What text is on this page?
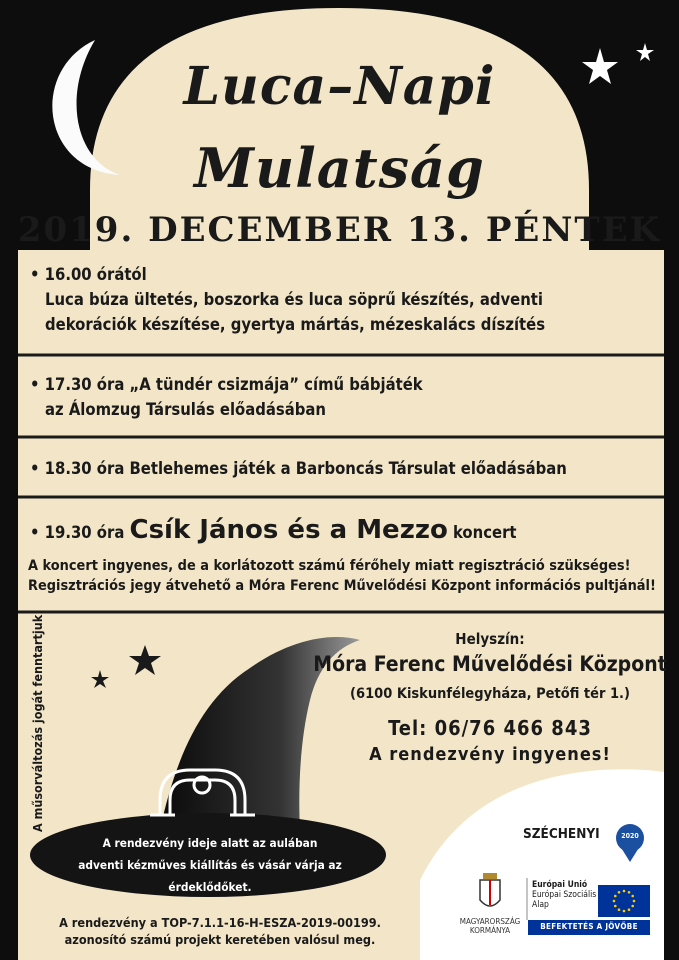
Luca–Napi
Mulatság
2019. DECEMBER 13. PÉNTEK
• 16.00 órától
Luca búza ültetés, boszorka és luca söprű készítés, adventi
dekorációk készítése, gyertya mártás, mézeskalács díszítés
• 17.30 óra „A tündér csizmája” című bábjáték
az Álomzug Társulás előadásában
• 18.30 óra Betlehemes játék a Barboncás Társulat előadásában
• 19.30 óra Csík János és a Mezzo koncert
A koncert ingyenes, de a korlátozott számú férőhely miatt regisztráció szükséges!
Regisztrációs jegy átvehető a Móra Ferenc Művelődési Központ információs pultjánál!
A műsorváltozás jogát fenntartjuk!	Helyszín:
Móra Ferenc Művelődési Központ
(6100 Kiskunfélegyháza, Petőfi tér 1.)
Tel: 06/76 466 843
A rendezvény ingyenes!
A rendezvény ideje alatt az aulában
adventi kézműves kiállítás és vásár várja az érdeklődőket.
A rendezvény a TOP-7.1.1-16-H-ESZA-2019-00199.
azonosító számú projekt keretében valósul meg.
SZÉCHENYI	2020
MAGYARORSZÁG
KORMÁNYA
Európai Unió
Európai Szociális
Alap
BEFEKTETÉS A JÖVŐBE
